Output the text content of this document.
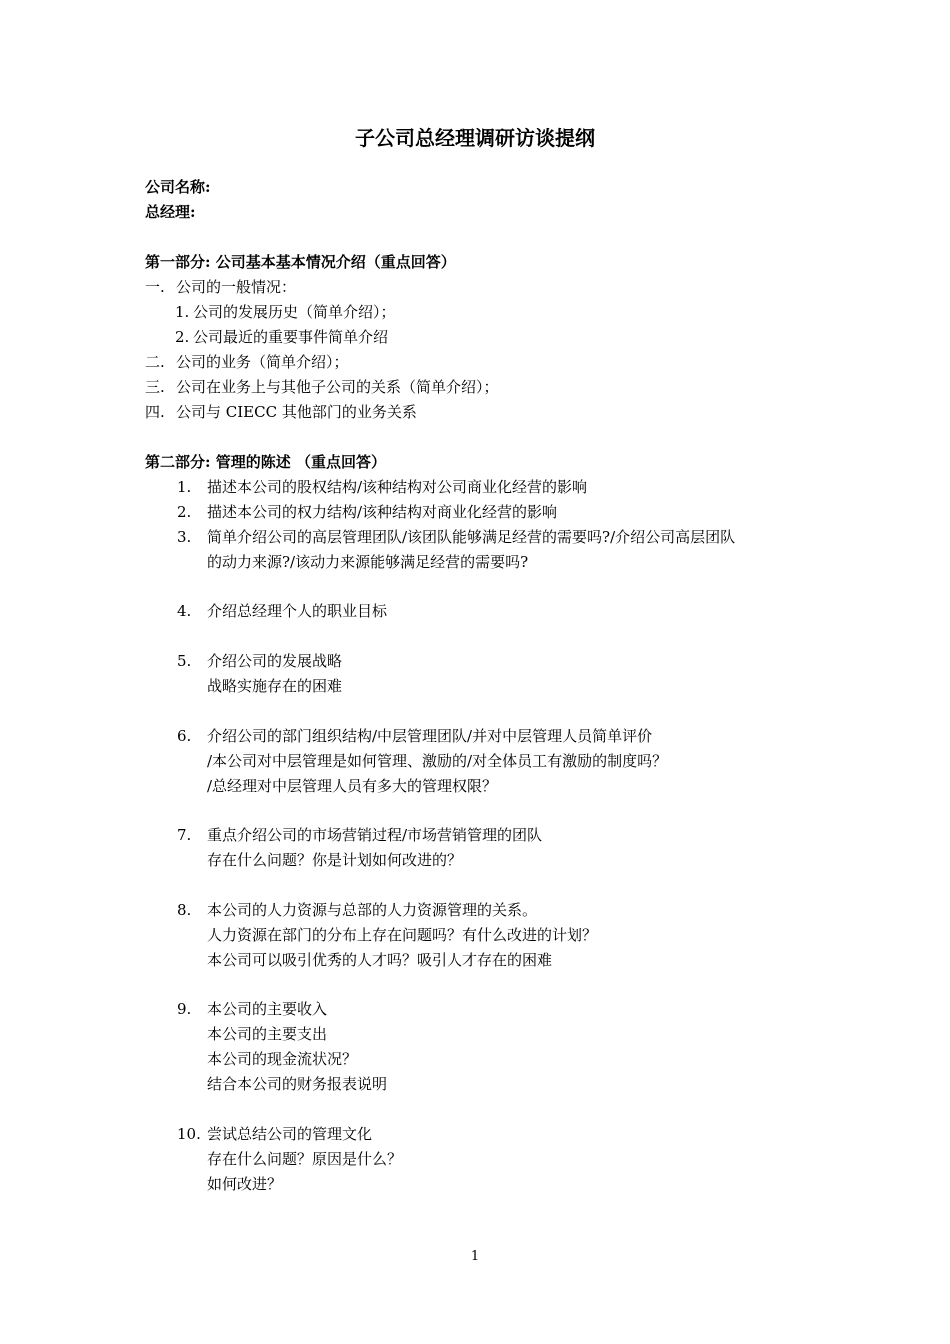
子公司总经理调研访谈提纲
公司名称:
总经理:
第一部分: 公司基本基本情况介绍（重点回答）
一. 公司的一般情况：
1. 公司的发展历史（简单介绍）；
2. 公司最近的重要事件简单介绍
二. 公司的业务（简单介绍）；
三. 公司在业务上与其他子公司的关系（简单介绍）；
四. 公司与 CIECC 其他部门的业务关系
第二部分: 管理的陈述 （重点回答）
1.	描述本公司的股权结构/该种结构对公司商业化经营的影响
2.	描述本公司的权力结构/该种结构对商业化经营的影响
3.	简单介绍公司的高层管理团队/该团队能够满足经营的需要吗?/介绍公司高层团队
的动力来源?/该动力来源能够满足经营的需要吗?
4.	介绍总经理个人的职业目标
5.	介绍公司的发展战略
战略实施存在的困难
6.	介绍公司的部门组织结构/中层管理团队/并对中层管理人员简单评价
/本公司对中层管理是如何管理、激励的/对全体员工有激励的制度吗？
/总经理对中层管理人员有多大的管理权限？
7.	重点介绍公司的市场营销过程/市场营销管理的团队
存在什么问题？你是计划如何改进的？
8.	本公司的人力资源与总部的人力资源管理的关系。
人力资源在部门的分布上存在问题吗？有什么改进的计划？
本公司可以吸引优秀的人才吗？吸引人才存在的困难
9.	本公司的主要收入
本公司的主要支出
本公司的现金流状况？
结合本公司的财务报表说明
10. 尝试总结公司的管理文化
存在什么问题？原因是什么？
如何改进？
1
